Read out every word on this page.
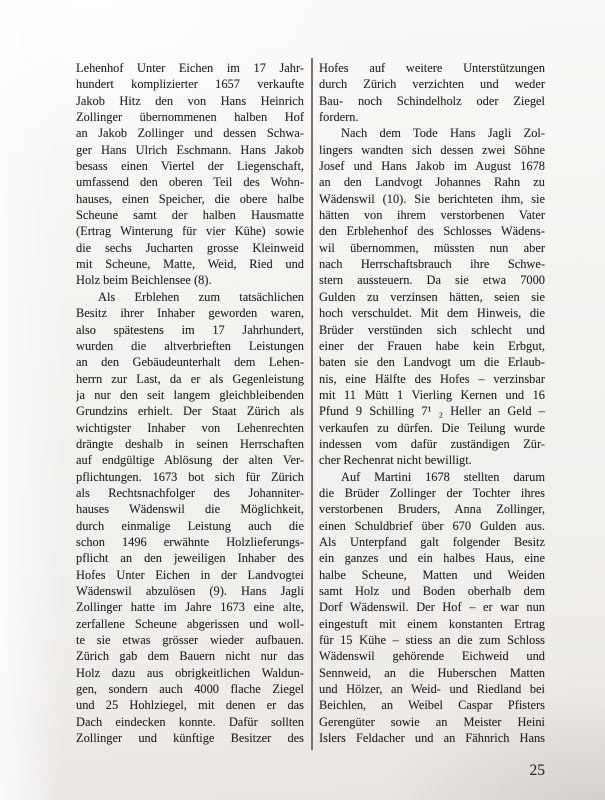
Lehenhof Unter Eichen im 17 Jahr-
hundert komplizierter 1657 verkaufte
Jakob Hitz den von Hans Heinrich
Zollinger übernommenen halben Hof
an Jakob Zollinger und dessen Schwa-
ger Hans Ulrich Eschmann. Hans Jakob
besass einen Viertel der Liegenschaft,
umfassend den oberen Teil des Wohn-
hauses, einen Speicher, die obere halbe
Scheune samt der halben Hausmatte
(Ertrag Winterung für vier Kühe) sowie
die sechs Jucharten grosse Kleinweid
mit Scheune, Matte, Weid, Ried und
Holz beim Beichlensee (8).
Als Erblehen zum tatsächlichen
Besitz ihrer Inhaber geworden waren,
also spätestens im 17 Jahrhundert,
wurden die altverbrieften Leistungen
an den Gebäudeunterhalt dem Lehen-
herrn zur Last, da er als Gegenleistung
ja nur den seit langem gleichbleibenden
Grundzins erhielt. Der Staat Zürich als
wichtigster Inhaber von Lehenrechten
drängte deshalb in seinen Herrschaften
auf endgültige Ablösung der alten Ver-
pflichtungen. 1673 bot sich für Zürich
als Rechtsnachfolger des Johanniter-
hauses Wädenswil die Möglichkeit,
durch einmalige Leistung auch die
schon 1496 erwähnte Holzlieferungs-
pflicht an den jeweiligen Inhaber des
Hofes Unter Eichen in der Landvogtei
Wädenswil abzulösen (9). Hans Jagli
Zollinger hatte im Jahre 1673 eine alte,
zerfallene Scheune abgerissen und woll-
te sie etwas grösser wieder aufbauen.
Zürich gab dem Bauern nicht nur das
Holz dazu aus obrigkeitlichen Waldun-
gen, sondern auch 4000 flache Ziegel
und 25 Hohlziegel, mit denen er das
Dach eindecken konnte. Dafür sollten
Zollinger und künftige Besitzer des
Hofes auf weitere Unterstützungen
durch Zürich verzichten und weder
Bau- noch Schindelholz oder Ziegel
fordern.
Nach dem Tode Hans Jagli Zol-
lingers wandten sich dessen zwei Söhne
Josef und Hans Jakob im August 1678
an den Landvogt Johannes Rahn zu
Wädenswil (10). Sie berichteten ihm, sie
hätten von ihrem verstorbenen Vater
den Erblehenhof des Schlosses Wädens-
wil übernommen, müssten nun aber
nach Herrschaftsbrauch ihre Schwe-
stern aussteuern. Da sie etwa 7000
Gulden zu verzinsen hätten, seien sie
hoch verschuldet. Mit dem Hinweis, die
Brüder verstünden sich schlecht und
einer der Frauen habe kein Erbgut,
baten sie den Landvogt um die Erlaub-
nis, eine Hälfte des Hofes – verzinsbar
mit 11 Mütt 1 Vierling Kernen und 16
Pfund 9 Schilling 7¹ ₂ Heller an Geld –
verkaufen zu dürfen. Die Teilung wurde
indessen vom dafür zuständigen Zür-
cher Rechenrat nicht bewilligt.
Auf Martini 1678 stellten darum
die Brüder Zollinger der Tochter ihres
verstorbenen Bruders, Anna Zollinger,
einen Schuldbrief über 670 Gulden aus.
Als Unterpfand galt folgender Besitz
ein ganzes und ein halbes Haus, eine
halbe Scheune, Matten und Weiden
samt Holz und Boden oberhalb dem
Dorf Wädenswil. Der Hof – er war nun
eingestuft mit einem konstanten Ertrag
für 15 Kühe – stiess an die zum Schloss
Wädenswil gehörende Eichweid und
Sennweid, an die Huberschen Matten
und Hölzer, an Weid- und Riedland bei
Beichlen, an Weibel Caspar Pfisters
Gerengüter sowie an Meister Heini
Islers Feldacher und an Fähnrich Hans
25
